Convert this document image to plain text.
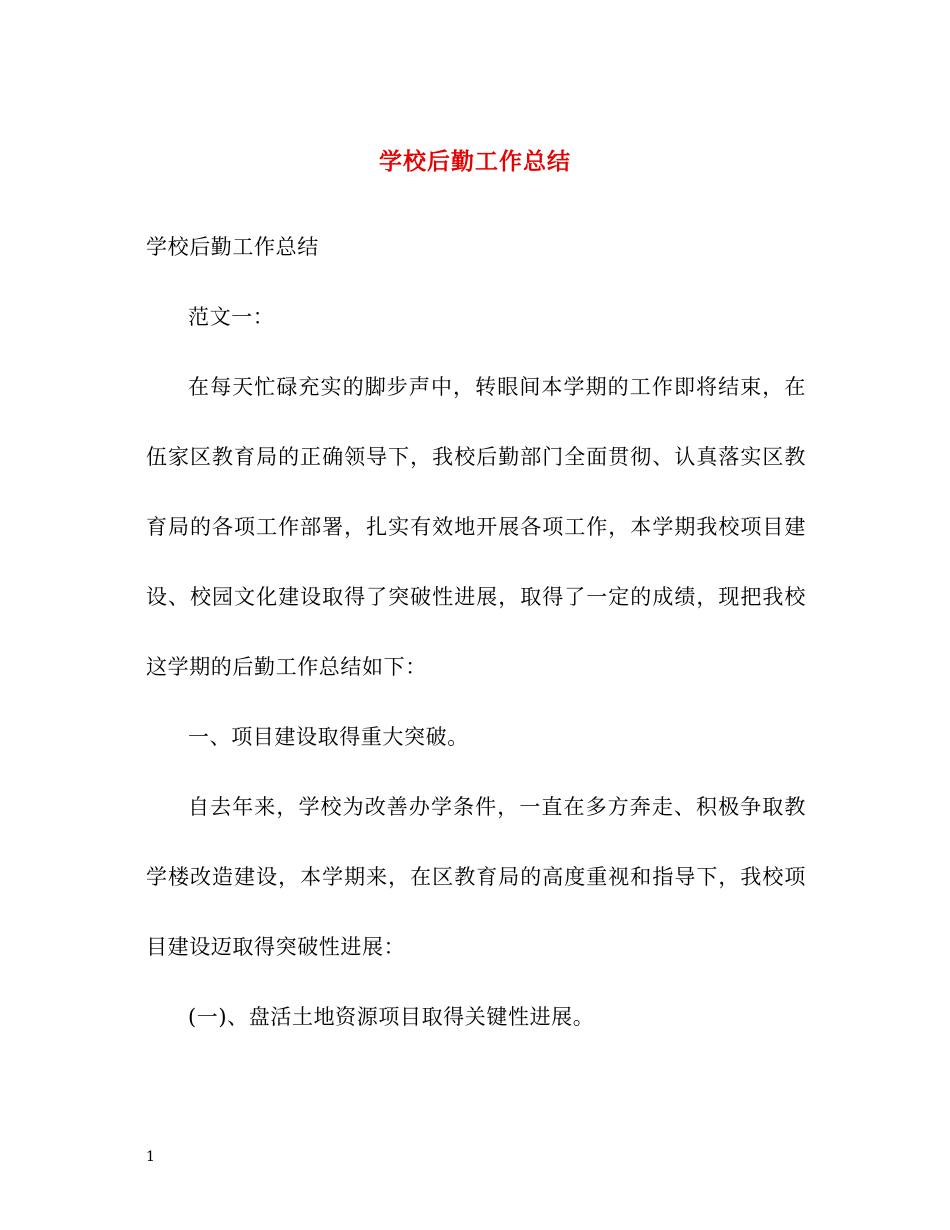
学校后勤工作总结
学校后勤工作总结
范文一：
在每天忙碌充实的脚步声中，转眼间本学期的工作即将结束，在
伍家区教育局的正确领导下，我校后勤部门全面贯彻、认真落实区教
育局的各项工作部署，扎实有效地开展各项工作，本学期我校项目建
设、校园文化建设取得了突破性进展，取得了一定的成绩，现把我校
这学期的后勤工作总结如下：
一、项目建设取得重大突破。
自去年来，学校为改善办学条件，一直在多方奔走、积极争取教
学楼改造建设，本学期来，在区教育局的高度重视和指导下，我校项
目建设迈取得突破性进展：
(一)、盘活土地资源项目取得关键性进展。
1
